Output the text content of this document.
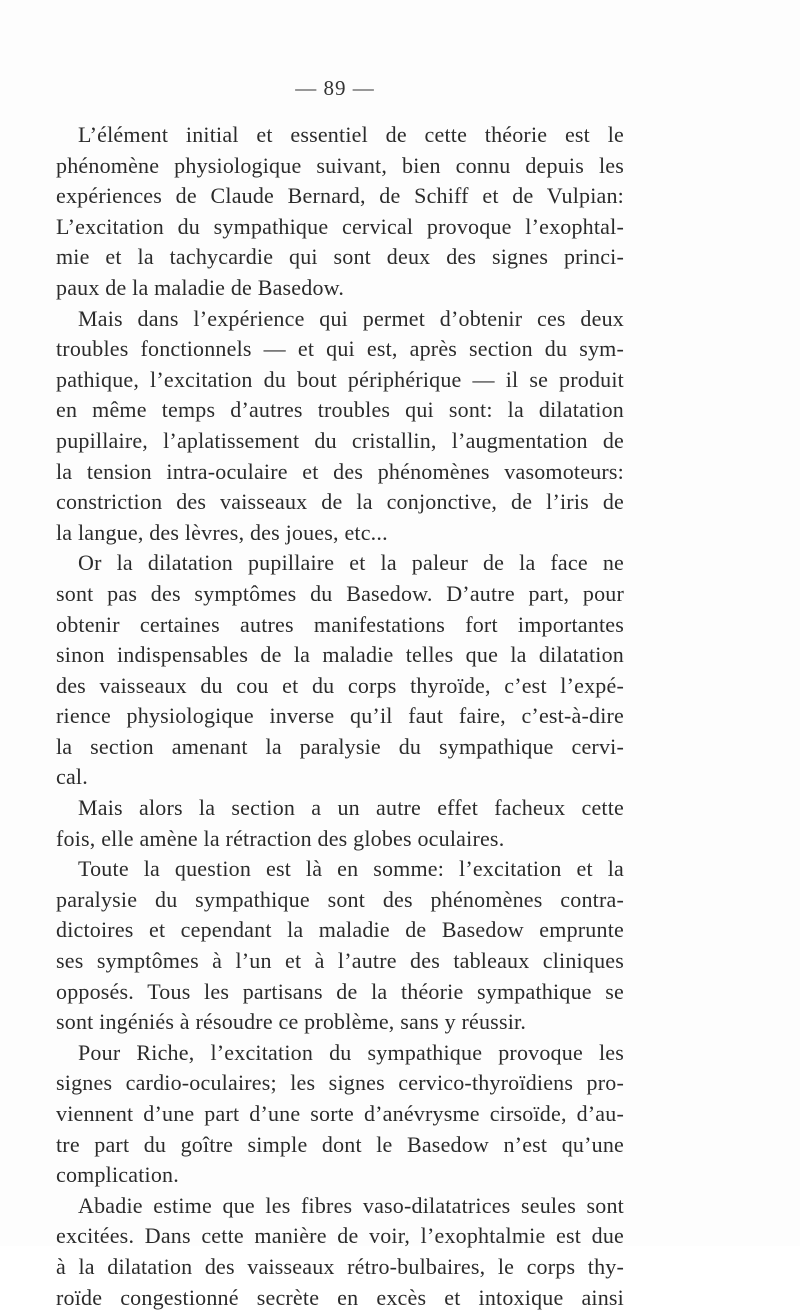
— 89 —
L’élément initial et essentiel de cette théorie est le
phénomène physiologique suivant, bien connu depuis les
expériences de Claude Bernard, de Schiff et de Vulpian:
L’excitation du sympathique cervical provoque l’exophtal-
mie et la tachycardie qui sont deux des signes princi-
paux de la maladie de Basedow.
Mais dans l’expérience qui permet d’obtenir ces deux
troubles fonctionnels — et qui est, après section du sym-
pathique, l’excitation du bout périphérique — il se produit
en même temps d’autres troubles qui sont: la dilatation
pupillaire, l’aplatissement du cristallin, l’augmentation de
la tension intra-oculaire et des phénomènes vasomoteurs:
constriction des vaisseaux de la conjonctive, de l’iris de
la langue, des lèvres, des joues, etc...
Or la dilatation pupillaire et la paleur de la face ne
sont pas des symptômes du Basedow. D’autre part, pour
obtenir certaines autres manifestations fort importantes
sinon indispensables de la maladie telles que la dilatation
des vaisseaux du cou et du corps thyroïde, c’est l’expé-
rience physiologique inverse qu’il faut faire, c’est-à-dire
la section amenant la paralysie du sympathique cervi-
cal.
Mais alors la section a un autre effet facheux cette
fois, elle amène la rétraction des globes oculaires.
Toute la question est là en somme: l’excitation et la
paralysie du sympathique sont des phénomènes contra-
dictoires et cependant la maladie de Basedow emprunte
ses symptômes à l’un et à l’autre des tableaux cliniques
opposés. Tous les partisans de la théorie sympathique se
sont ingéniés à résoudre ce problème, sans y réussir.
Pour Riche, l’excitation du sympathique provoque les
signes cardio-oculaires; les signes cervico-thyroïdiens pro-
viennent d’une part d’une sorte d’anévrysme cirsoïde, d’au-
tre part du goître simple dont le Basedow n’est qu’une
complication.
Abadie estime que les fibres vaso-dilatatrices seules sont
excitées. Dans cette manière de voir, l’exophtalmie est due
à la dilatation des vaisseaux rétro-bulbaires, le corps thy-
roïde congestionné secrète en excès et intoxique ainsi
